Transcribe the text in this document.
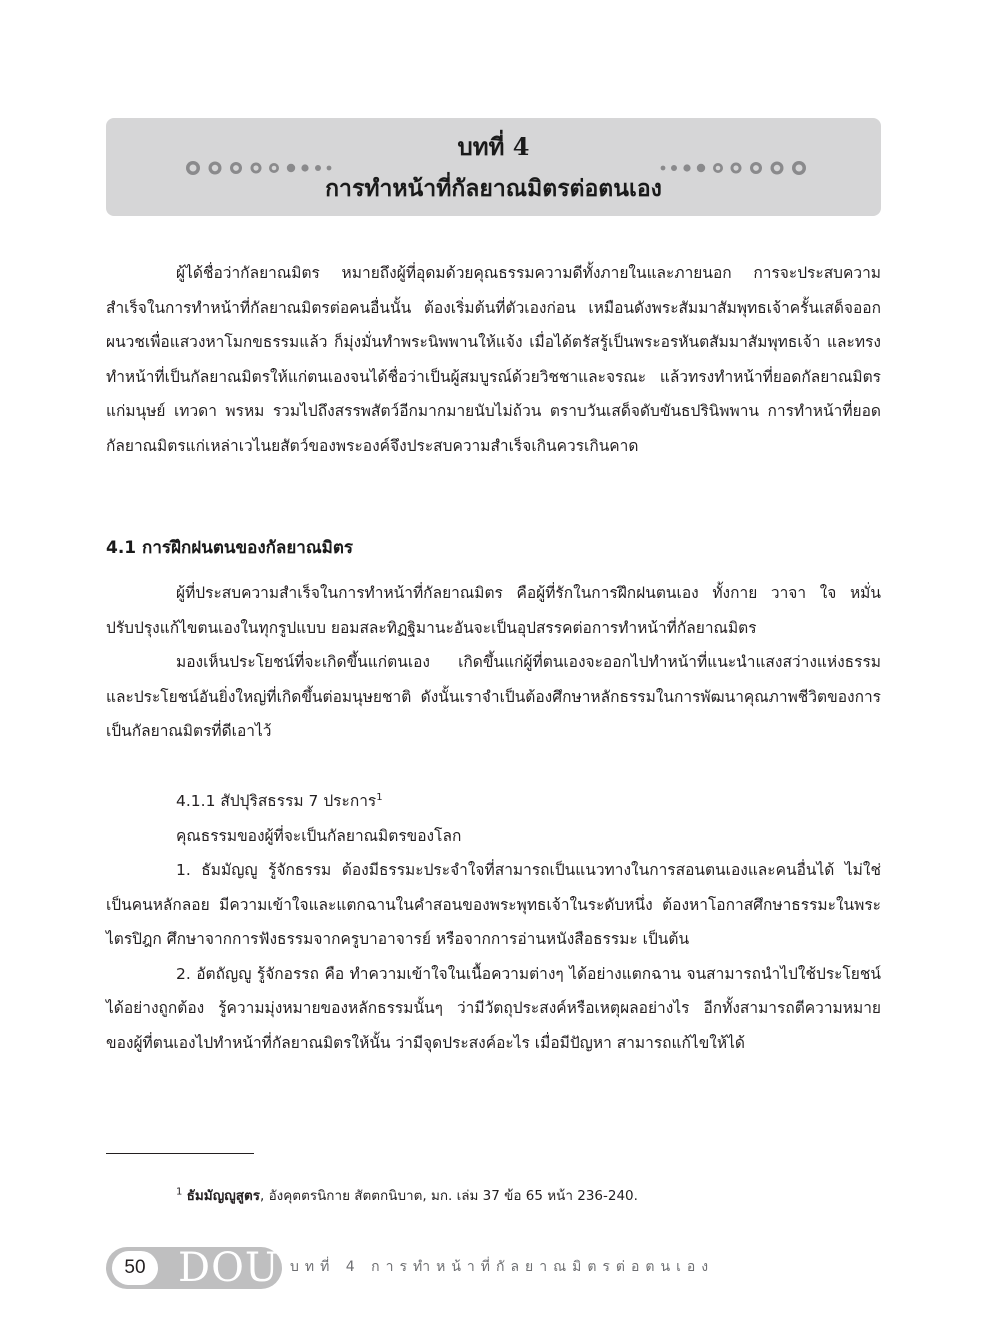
บทที่ 4
การทำหน้าที่กัลยาณมิตรต่อตนเอง

ผู้ได้ชื่อว่ากัลยาณมิตร หมายถึงผู้ที่อุดมด้วยคุณธรรมความดีทั้งภายในและภายนอก การจะประสบความสำเร็จในการทำหน้าที่กัลยาณมิตรต่อคนอื่นนั้น ต้องเริ่มต้นที่ตัวเองก่อน เหมือนดังพระสัมมาสัมพุทธเจ้าครั้นเสด็จออกผนวชเพื่อแสวงหาโมกขธรรมแล้ว ก็มุ่งมั่นทำพระนิพพานให้แจ้ง เมื่อได้ตรัสรู้เป็นพระอรหันตสัมมาสัมพุทธเจ้า และทรงทำหน้าที่เป็นกัลยาณมิตรให้แก่ตนเองจนได้ชื่อว่าเป็นผู้สมบูรณ์ด้วยวิชชาและจรณะ แล้วทรงทำหน้าที่ยอดกัลยาณมิตรแก่มนุษย์ เทวดา พรหม รวมไปถึงสรรพสัตว์อีกมากมายนับไม่ถ้วน ตราบวันเสด็จดับขันธปรินิพพาน การทำหน้าที่ยอดกัลยาณมิตรแก่เหล่าเวไนยสัตว์ของพระองค์จึงประสบความสำเร็จเกินควรเกินคาด

4.1 การฝึกฝนตนของกัลยาณมิตร

ผู้ที่ประสบความสำเร็จในการทำหน้าที่กัลยาณมิตร คือผู้ที่รักในการฝึกฝนตนเอง ทั้งกาย วาจา ใจ หมั่นปรับปรุงแก้ไขตนเองในทุกรูปแบบ ยอมสละทิฏฐิมานะอันจะเป็นอุปสรรคต่อการทำหน้าที่กัลยาณมิตร

มองเห็นประโยชน์ที่จะเกิดขึ้นแก่ตนเอง เกิดขึ้นแก่ผู้ที่ตนเองจะออกไปทำหน้าที่แนะนำแสงสว่างแห่งธรรม และประโยชน์อันยิ่งใหญ่ที่เกิดขึ้นต่อมนุษยชาติ ดังนั้นเราจำเป็นต้องศึกษาหลักธรรมในการพัฒนาคุณภาพชีวิตของการเป็นกัลยาณมิตรที่ดีเอาไว้

4.1.1 สัปปุริสธรรม 7 ประการ$^1$

คุณธรรมของผู้ที่จะเป็นกัลยาณมิตรของโลก

1. ธัมมัญญู รู้จักธรรม ต้องมีธรรมะประจำใจที่สามารถเป็นแนวทางในการสอนตนเองและคนอื่นได้ ไม่ใช่เป็นคนหลักลอย มีความเข้าใจและแตกฉานในคำสอนของพระพุทธเจ้าในระดับหนึ่ง ต้องหาโอกาสศึกษาธรรมะในพระไตรปิฎก ศึกษาจากการฟังธรรมจากครูบาอาจารย์ หรือจากการอ่านหนังสือธรรมะ เป็นต้น

2. อัตถัญญู รู้จักอรรถ คือ ทำความเข้าใจในเนื้อความต่างๆ ได้อย่างแตกฉาน จนสามารถนำไปใช้ประโยชน์ได้อย่างถูกต้อง รู้ความมุ่งหมายของหลักธรรมนั้นๆ ว่ามีวัตถุประสงค์หรือเหตุผลอย่างไร อีกทั้งสามารถตีความหมายของผู้ที่ตนเองไปทำหน้าที่กัลยาณมิตรให้นั้น ว่ามีจุดประสงค์อะไร เมื่อมีปัญหา สามารถแก้ไขให้ได้

$^1$ ธัมมัญญูสูตร, อังคุตตรนิกาย สัตตกนิบาต, มก. เล่ม 37 ข้อ 65 หน้า 236-240.
50 DOU บทที่ 4 การทำหน้าที่กัลยาณมิตรต่อตนเอง
